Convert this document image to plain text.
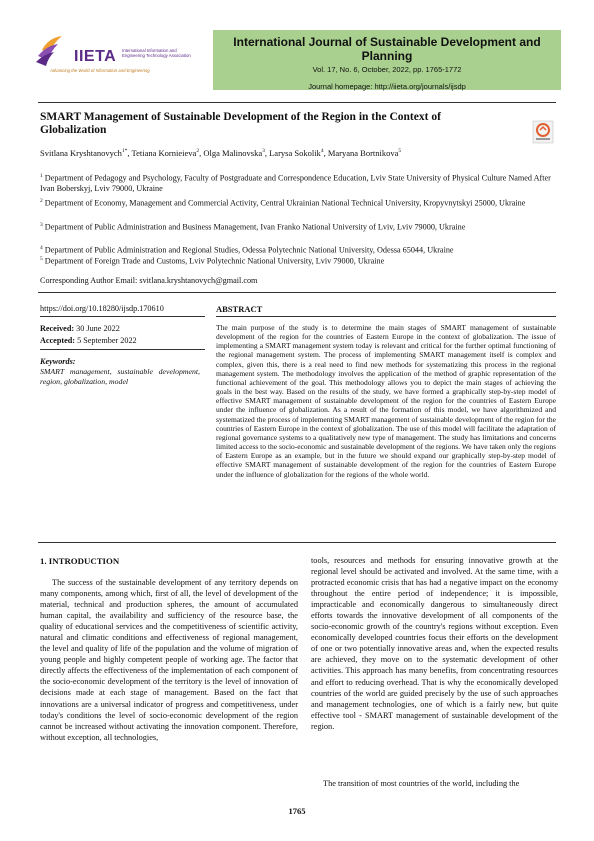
IIETA International Information and Engineering Technology Association
Advancing the World of Information and Engineering
International Journal of Sustainable Development and Planning
Vol. 17, No. 6, October, 2022, pp. 1765-1772
Journal homepage: http://iieta.org/journals/ijsdp
SMART Management of Sustainable Development of the Region in the Context of Globalization
Svitlana Kryshtanovych$^{1*}$, Tetiana Kornieieva$^2$, Olga Malinovska$^3$, Larysa Sokolik$^4$, Maryana Bortnikova$^5$
$^1$ Department of Pedagogy and Psychology, Faculty of Postgraduate and Correspondence Education, Lviv State University of Physical Culture Named After Ivan Boberskyj, Lviv 79000, Ukraine
$^2$ Department of Economy, Management and Commercial Activity, Central Ukrainian National Technical University, Kropyvnytskyi 25000, Ukraine
$^3$ Department of Public Administration and Business Management, Ivan Franko National University of Lviv, Lviv 79000, Ukraine
$^4$ Department of Public Administration and Regional Studies, Odessa Polytechnic National University, Odessa 65044, Ukraine
$^5$ Department of Foreign Trade and Customs, Lviv Polytechnic National University, Lviv 79000, Ukraine
Corresponding Author Email: svitlana.kryshtanovych@gmail.com
https://doi.org/10.18280/ijsdp.170610
Received: 30 June 2022
Accepted: 5 September 2022
Keywords:
SMART management, sustainable development, region, globalization, model
ABSTRACT
The main purpose of the study is to determine the main stages of SMART management of sustainable development of the region for the countries of Eastern Europe in the context of globalization. The issue of implementing a SMART management system today is relevant and critical for the further optimal functioning of the regional management system. The process of implementing SMART management itself is complex and complex, given this, there is a real need to find new methods for systematizing this process in the regional management system. The methodology involves the application of the method of graphic representation of the functional achievement of the goal. This methodology allows you to depict the main stages of achieving the goals in the best way. Based on the results of the study, we have formed a graphically step-by-step model of effective SMART management of sustainable development of the region for the countries of Eastern Europe under the influence of globalization. As a result of the formation of this model, we have algorithmized and systematized the process of implementing SMART management of sustainable development of the region for the countries of Eastern Europe in the context of globalization. The use of this model will facilitate the adaptation of regional governance systems to a qualitatively new type of management. The study has limitations and concerns limited access to the socio-economic and sustainable development of the regions. We have taken only the regions of Eastern Europe as an example, but in the future we should expand our graphically step-by-step model of effective SMART management of sustainable development of the region for the countries of Eastern Europe under the influence of globalization for the regions of the whole world.
1. INTRODUCTION
The success of the sustainable development of any territory depends on many components, among which, first of all, the level of development of the material, technical and production spheres, the amount of accumulated human capital, the availability and sufficiency of the resource base, the quality of educational services and the competitiveness of scientific activity, natural and climatic conditions and effectiveness of regional management, the level and quality of life of the population and the volume of migration of young people and highly competent people of working age. The factor that directly affects the effectiveness of the implementation of each component of the socio-economic development of the territory is the level of innovation of decisions made at each stage of management. Based on the fact that innovations are a universal indicator of progress and competitiveness, under today's conditions the level of socio-economic development of the region cannot be increased without activating the innovation component. Therefore, without exception, all technologies,
tools, resources and methods for ensuring innovative growth at the regional level should be activated and involved. At the same time, with a protracted economic crisis that has had a negative impact on the economy throughout the entire period of independence; it is impossible, impracticable and economically dangerous to simultaneously direct efforts towards the innovative development of all components of the socio-economic growth of the country's regions without exception. Even economically developed countries focus their efforts on the development of one or two potentially innovative areas and, when the expected results are achieved, they move on to the systematic development of other activities. This approach has many benefits, from concentrating resources and effort to reducing overhead. That is why the economically developed countries of the world are guided precisely by the use of such approaches and management technologies, one of which is a fairly new, but quite effective tool - SMART management of sustainable development of the region.
The transition of most countries of the world, including the
1765
